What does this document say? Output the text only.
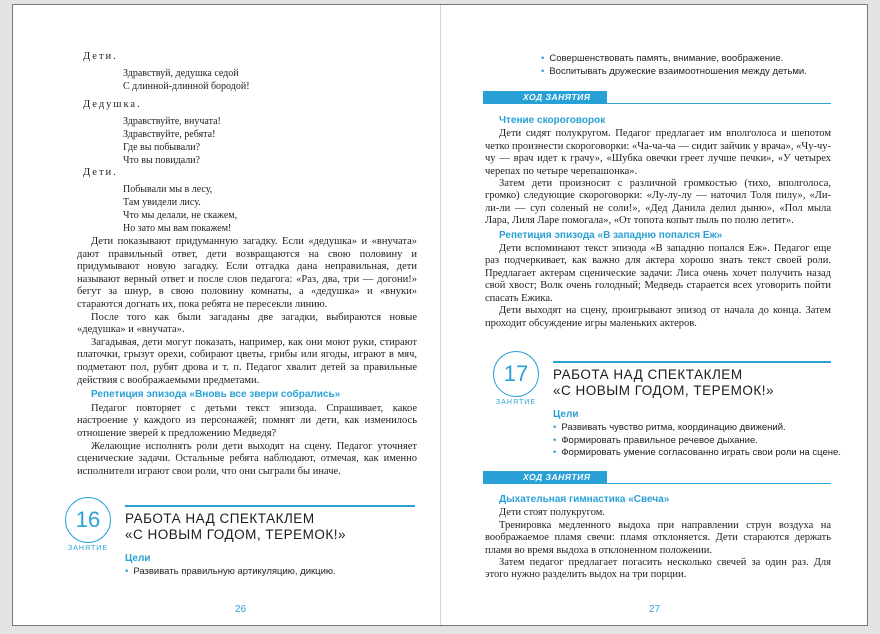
Дети.
Здравствуй, дедушка седой
С длинной-длинной бородой!
Дедушка.
Здравствуйте, внучата!
Здравствуйте, ребята!
Где вы побывали?
Что вы повидали?
Дети.
Побывали мы в лесу,
Там увидели лису.
Что мы делали, не скажем,
Но зато мы вам покажем!

Дети показывают придуманную загадку. Если «дедушка» и «внучата» дают правильный ответ, дети возвращаются на свою половину и придумывают новую загадку. Если отгадка дана неправильная, дети называют верный ответ и после слов педагога: «Раз, два, три — догони!» бегут за шнур, в свою половину комнаты, а «дедушка» и «внуки» стараются догнать их, пока ребята не пересекли линию.

После того как были загаданы две загадки, выбираются новые «дедушка» и «внучата».

Загадывая, дети могут показать, например, как они моют руки, стирают платочки, грызут орехи, собирают цветы, грибы или ягоды, играют в мяч, подметают пол, рубят дрова и т. п. Педагог хвалит детей за правильные действия с воображаемыми предметами.

Репетиция эпизода «Вновь все звери собрались»

Педагог повторяет с детьми текст эпизода. Спрашивает, какое настроение у каждого из персонажей; помнят ли дети, как изменилось отношение зверей к предложению Медведя?

Желающие исполнять роли дети выходят на сцену. Педагог уточняет сценические задачи. Остальные ребята наблюдают, отмечая, как именно исполнители играют свои роли, что они сыграли бы иначе.

16
ЗАНЯТИЕ
РАБОТА НАД СПЕКТАКЛЕМ
«С НОВЫМ ГОДОМ, ТЕРЕМОК!»
Цели
• Развивать правильную артикуляцию, дикцию.
26
• Совершенствовать память, внимание, воображение.
• Воспитывать дружеские взаимоотношения между детьми.
ХОД ЗАНЯТИЯ
Чтение скороговорок

Дети сидят полукругом. Педагог предлагает им вполголоса и шепотом четко произнести скороговорки: «Ча-ча-ча — сидит зайчик у врача», «Чу-чу-чу — врач идет к грачу», «Шубка овечки греет лучше печки», «У четырех черепах по четыре черепашонка».

Затем дети произносят с различной громкостью (тихо, вполголоса, громко) следующие скороговорки: «Лу-лу-лу — наточил Толя пилу», «Ли-ли-ли — суп соленый не соли!», «Дед Данила делил дыню», «Пол мыла Лара, Лиля Ларе помогала», «От топота копыт пыль по полю летит».

Репетиция эпизода «В западню попался Еж»

Дети вспоминают текст эпизода «В западню попался Еж». Педагог еще раз подчеркивает, как важно для актера хорошо знать текст своей роли. Предлагает актерам сценические задачи: Лиса очень хочет получить назад свой хвост; Волк очень голодный; Медведь старается всех уговорить пойти спасать Ежика.

Дети выходят на сцену, проигрывают эпизод от начала до конца. Затем проходит обсуждение игры маленьких актеров.

17
ЗАНЯТИЕ
РАБОТА НАД СПЕКТАКЛЕМ
«С НОВЫМ ГОДОМ, ТЕРЕМОК!»
Цели
• Развивать чувство ритма, координацию движений.
• Формировать правильное речевое дыхание.
• Формировать умение согласованно играть свои роли на сцене.
ХОД ЗАНЯТИЯ
Дыхательная гимнастика «Свеча»

Дети стоят полукругом.

Тренировка медленного выдоха при направлении струн воздуха на воображаемое пламя свечи: пламя отклоняется. Дети стараются держать пламя во время выдоха в отклоненном положении.

Затем педагог предлагает погасить несколько свечей за один раз. Для этого нужно разделить выдох на три порции.

27
